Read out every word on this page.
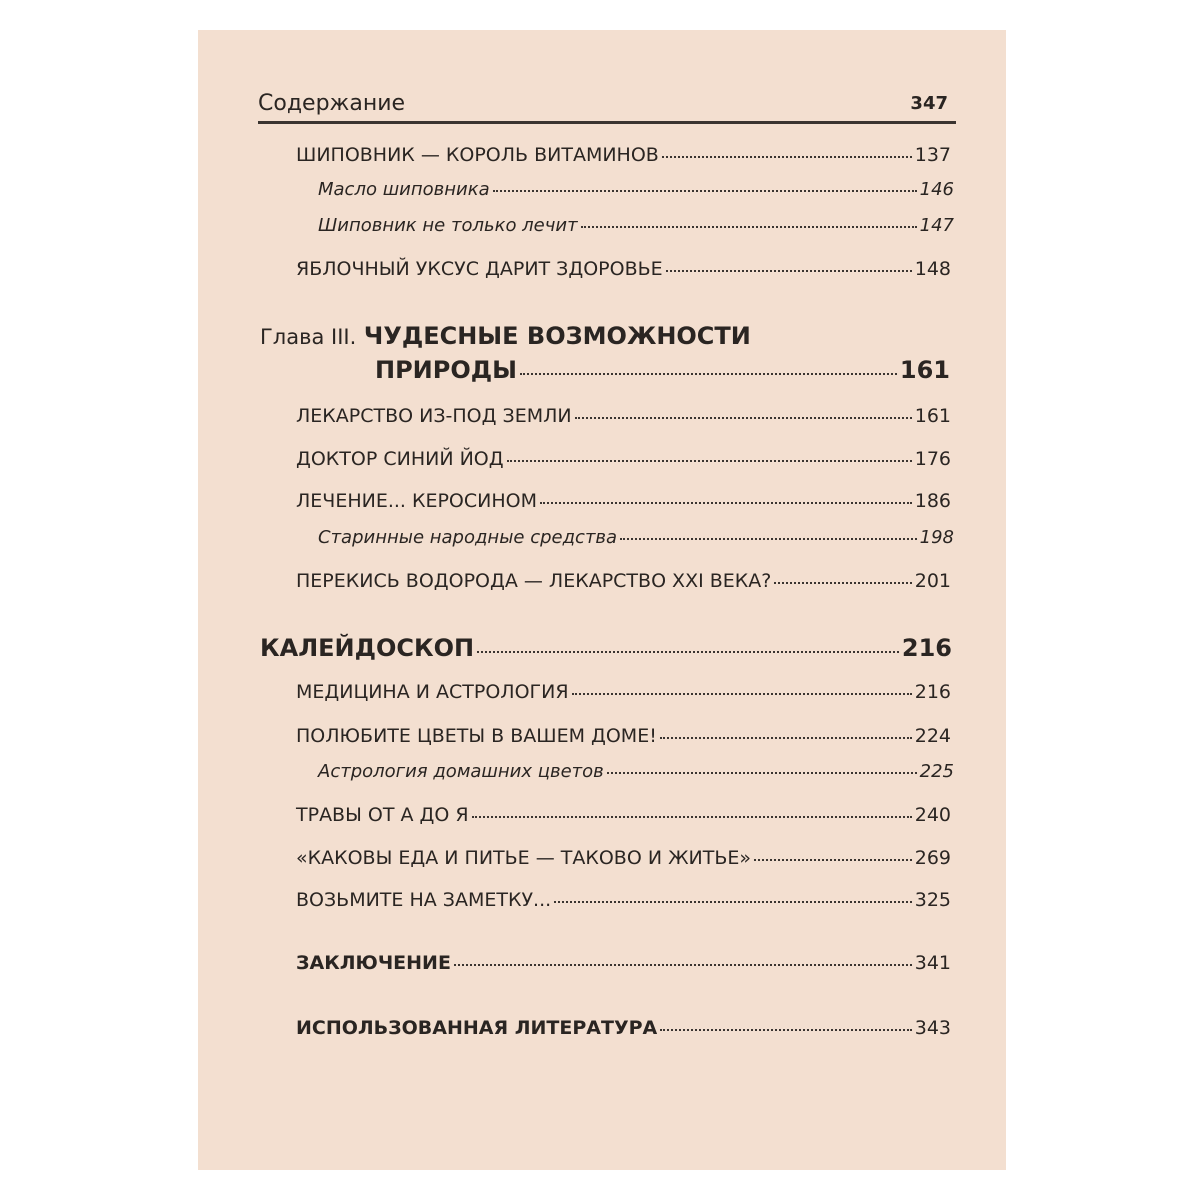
Содержание	347
ШИПОВНИК — КОРОЛЬ ВИТАМИНОВ	137
Масло шиповника	146
Шиповник не только лечит	147
ЯБЛОЧНЫЙ УКСУС ДАРИТ ЗДОРОВЬЕ	148
Глава III. ЧУДЕСНЫЕ ВОЗМОЖНОСТИ
ПРИРОДЫ	161
ЛЕКАРСТВО ИЗ-ПОД ЗЕМЛИ	161
ДОКТОР СИНИЙ ЙОД	176
ЛЕЧЕНИЕ... КЕРОСИНОМ	186
Старинные народные средства	198
ПЕРЕКИСЬ ВОДОРОДА — ЛЕКАРСТВО XXI ВЕКА?	201
КАЛЕЙДОСКОП	216
МЕДИЦИНА И АСТРОЛОГИЯ	216
ПОЛЮБИТЕ ЦВЕТЫ В ВАШЕМ ДОМЕ!	224
Астрология домашних цветов	225
ТРАВЫ ОТ А ДО Я	240
«КАКОВЫ ЕДА И ПИТЬЕ — ТАКОВО И ЖИТЬЕ»	269
ВОЗЬМИТЕ НА ЗАМЕТКУ...	325
ЗАКЛЮЧЕНИЕ	341
ИСПОЛЬЗОВАННАЯ ЛИТЕРАТУРА	343
